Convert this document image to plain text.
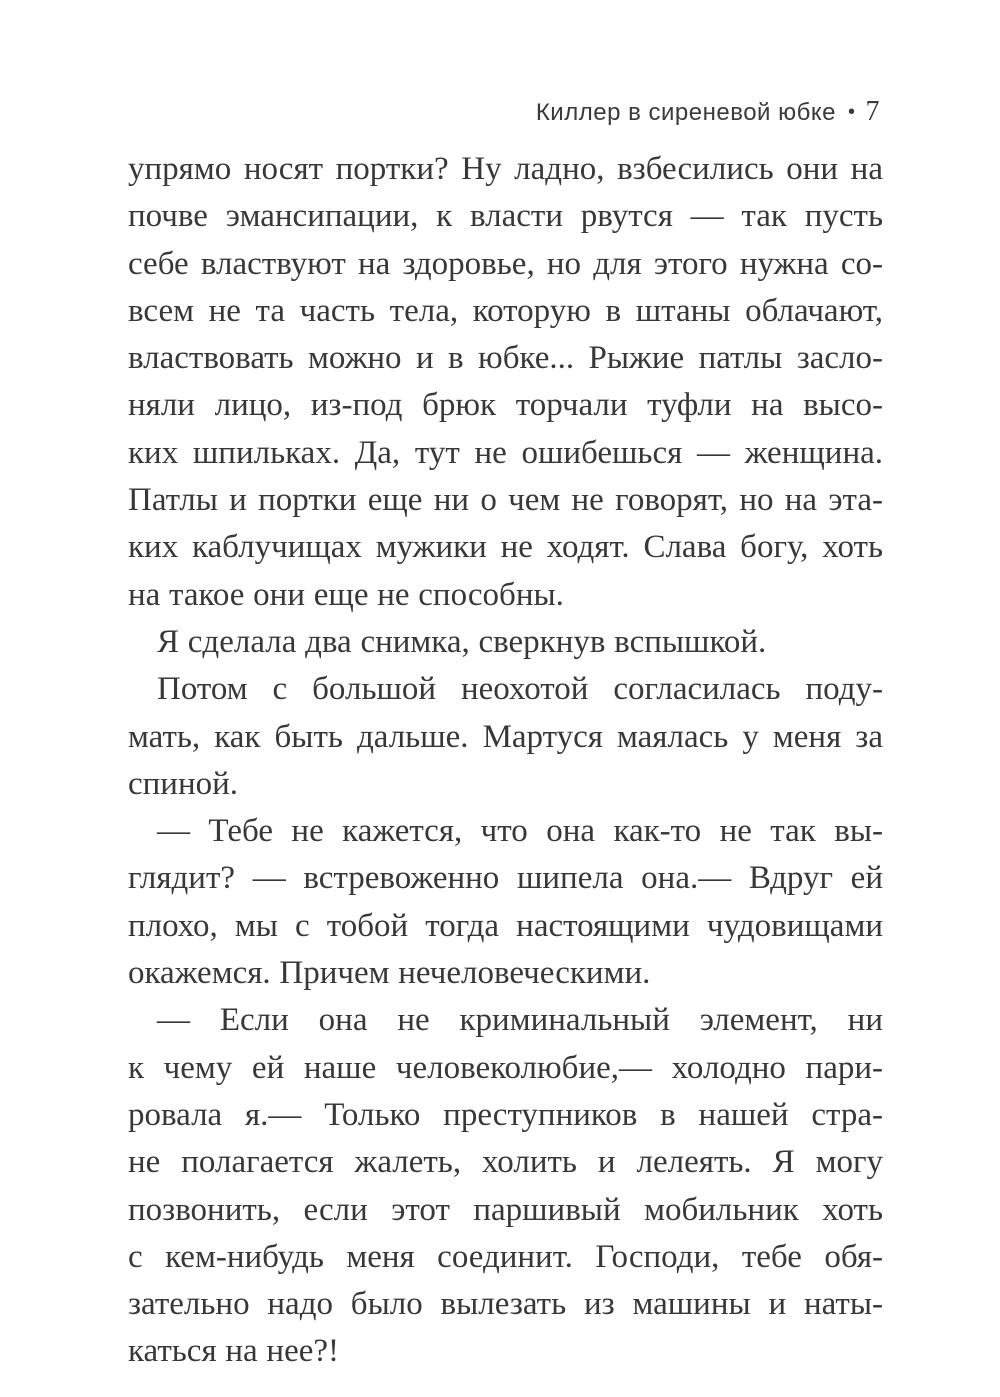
Киллер в сиреневой юбке • 7
упрямо носят портки? Ну ладно, взбесились они на
почве эмансипации, к власти рвутся — так пусть
себе властвуют на здоровье, но для этого нужна со-
всем не та часть тела, которую в штаны облачают,
властвовать можно и в юбке... Рыжие патлы засло-
няли лицо, из-под брюк торчали туфли на высо-
ких шпильках. Да, тут не ошибешься — женщина.
Патлы и портки еще ни о чем не говорят, но на эта-
ких каблучищах мужики не ходят. Слава богу, хоть
на такое они еще не способны.
Я сделала два снимка, сверкнув вспышкой.
Потом с большой неохотой согласилась поду-
мать, как быть дальше. Мартуся маялась у меня за
спиной.
— Тебе не кажется, что она как-то не так вы-
глядит? — встревоженно шипела она.— Вдруг ей
плохо, мы с тобой тогда настоящими чудовищами
окажемся. Причем нечеловеческими.
— Если она не криминальный элемент, ни
к чему ей наше человеколюбие,— холодно пари-
ровала я.— Только преступников в нашей стра-
не полагается жалеть, холить и лелеять. Я могу
позвонить, если этот паршивый мобильник хоть
с кем-нибудь меня соединит. Господи, тебе обя-
зательно надо было вылезать из машины и наты-
каться на нее?!
